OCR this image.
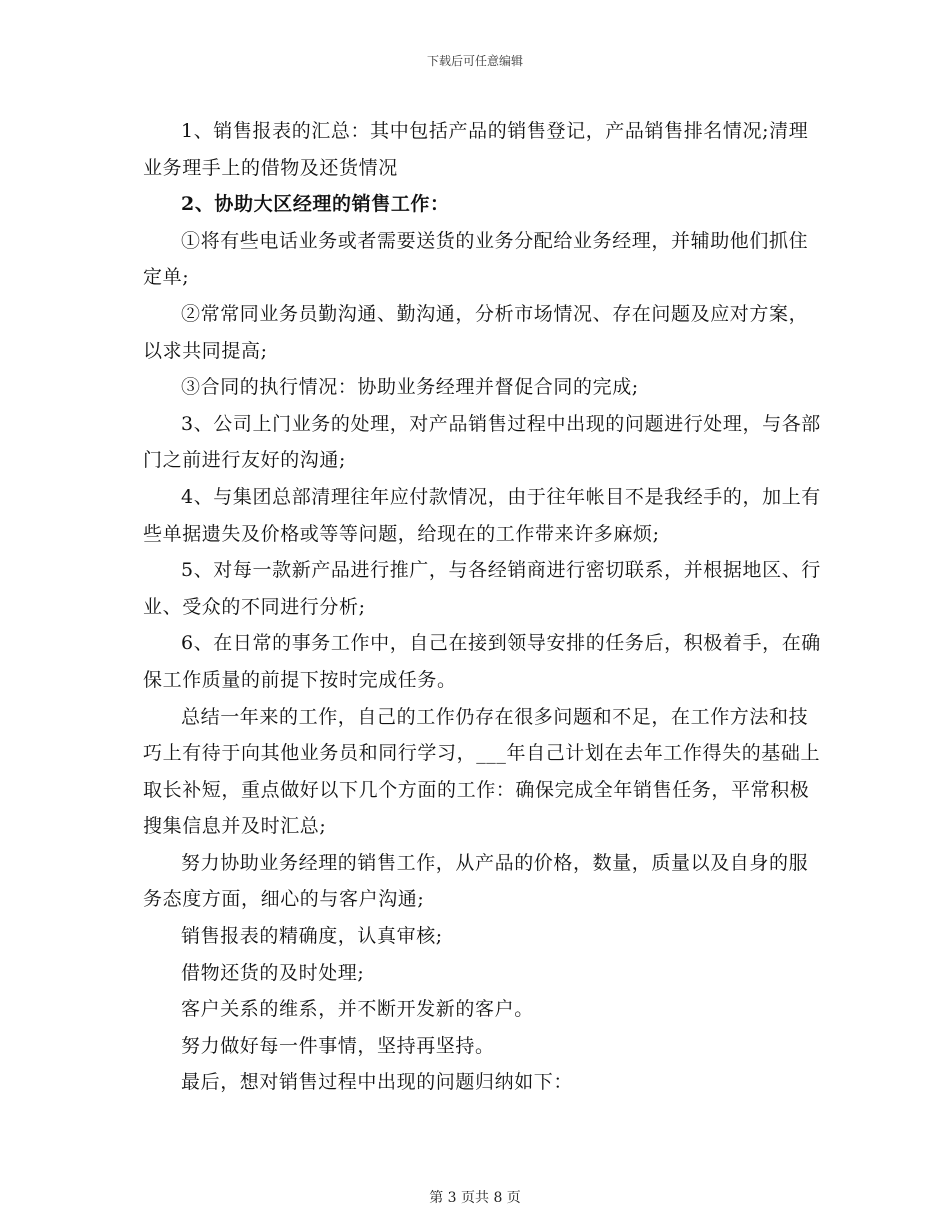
下载后可任意编辑

1、销售报表的汇总：其中包括产品的销售登记，产品销售排名情况;清理业务理手上的借物及还货情况

2、协助大区经理的销售工作：

①将有些电话业务或者需要送货的业务分配给业务经理，并辅助他们抓住定单;

②常常同业务员勤沟通、勤沟通，分析市场情况、存在问题及应对方案，以求共同提高;

③合同的执行情况：协助业务经理并督促合同的完成;

3、公司上门业务的处理，对产品销售过程中出现的问题进行处理，与各部门之前进行友好的沟通;

4、与集团总部清理往年应付款情况，由于往年帐目不是我经手的，加上有些单据遗失及价格或等等问题，给现在的工作带来许多麻烦;

5、对每一款新产品进行推广，与各经销商进行密切联系，并根据地区、行业、受众的不同进行分析;

6、在日常的事务工作中，自己在接到领导安排的任务后，积极着手，在确保工作质量的前提下按时完成任务。

总结一年来的工作，自己的工作仍存在很多问题和不足，在工作方法和技巧上有待于向其他业务员和同行学习，___年自己计划在去年工作得失的基础上取长补短，重点做好以下几个方面的工作：确保完成全年销售任务，平常积极搜集信息并及时汇总;

努力协助业务经理的销售工作，从产品的价格，数量，质量以及自身的服务态度方面，细心的与客户沟通;

销售报表的精确度，认真审核;

借物还货的及时处理;

客户关系的维系，并不断开发新的客户。

努力做好每一件事情，坚持再坚持。

最后，想对销售过程中出现的问题归纳如下：

第 3 页共 8 页
